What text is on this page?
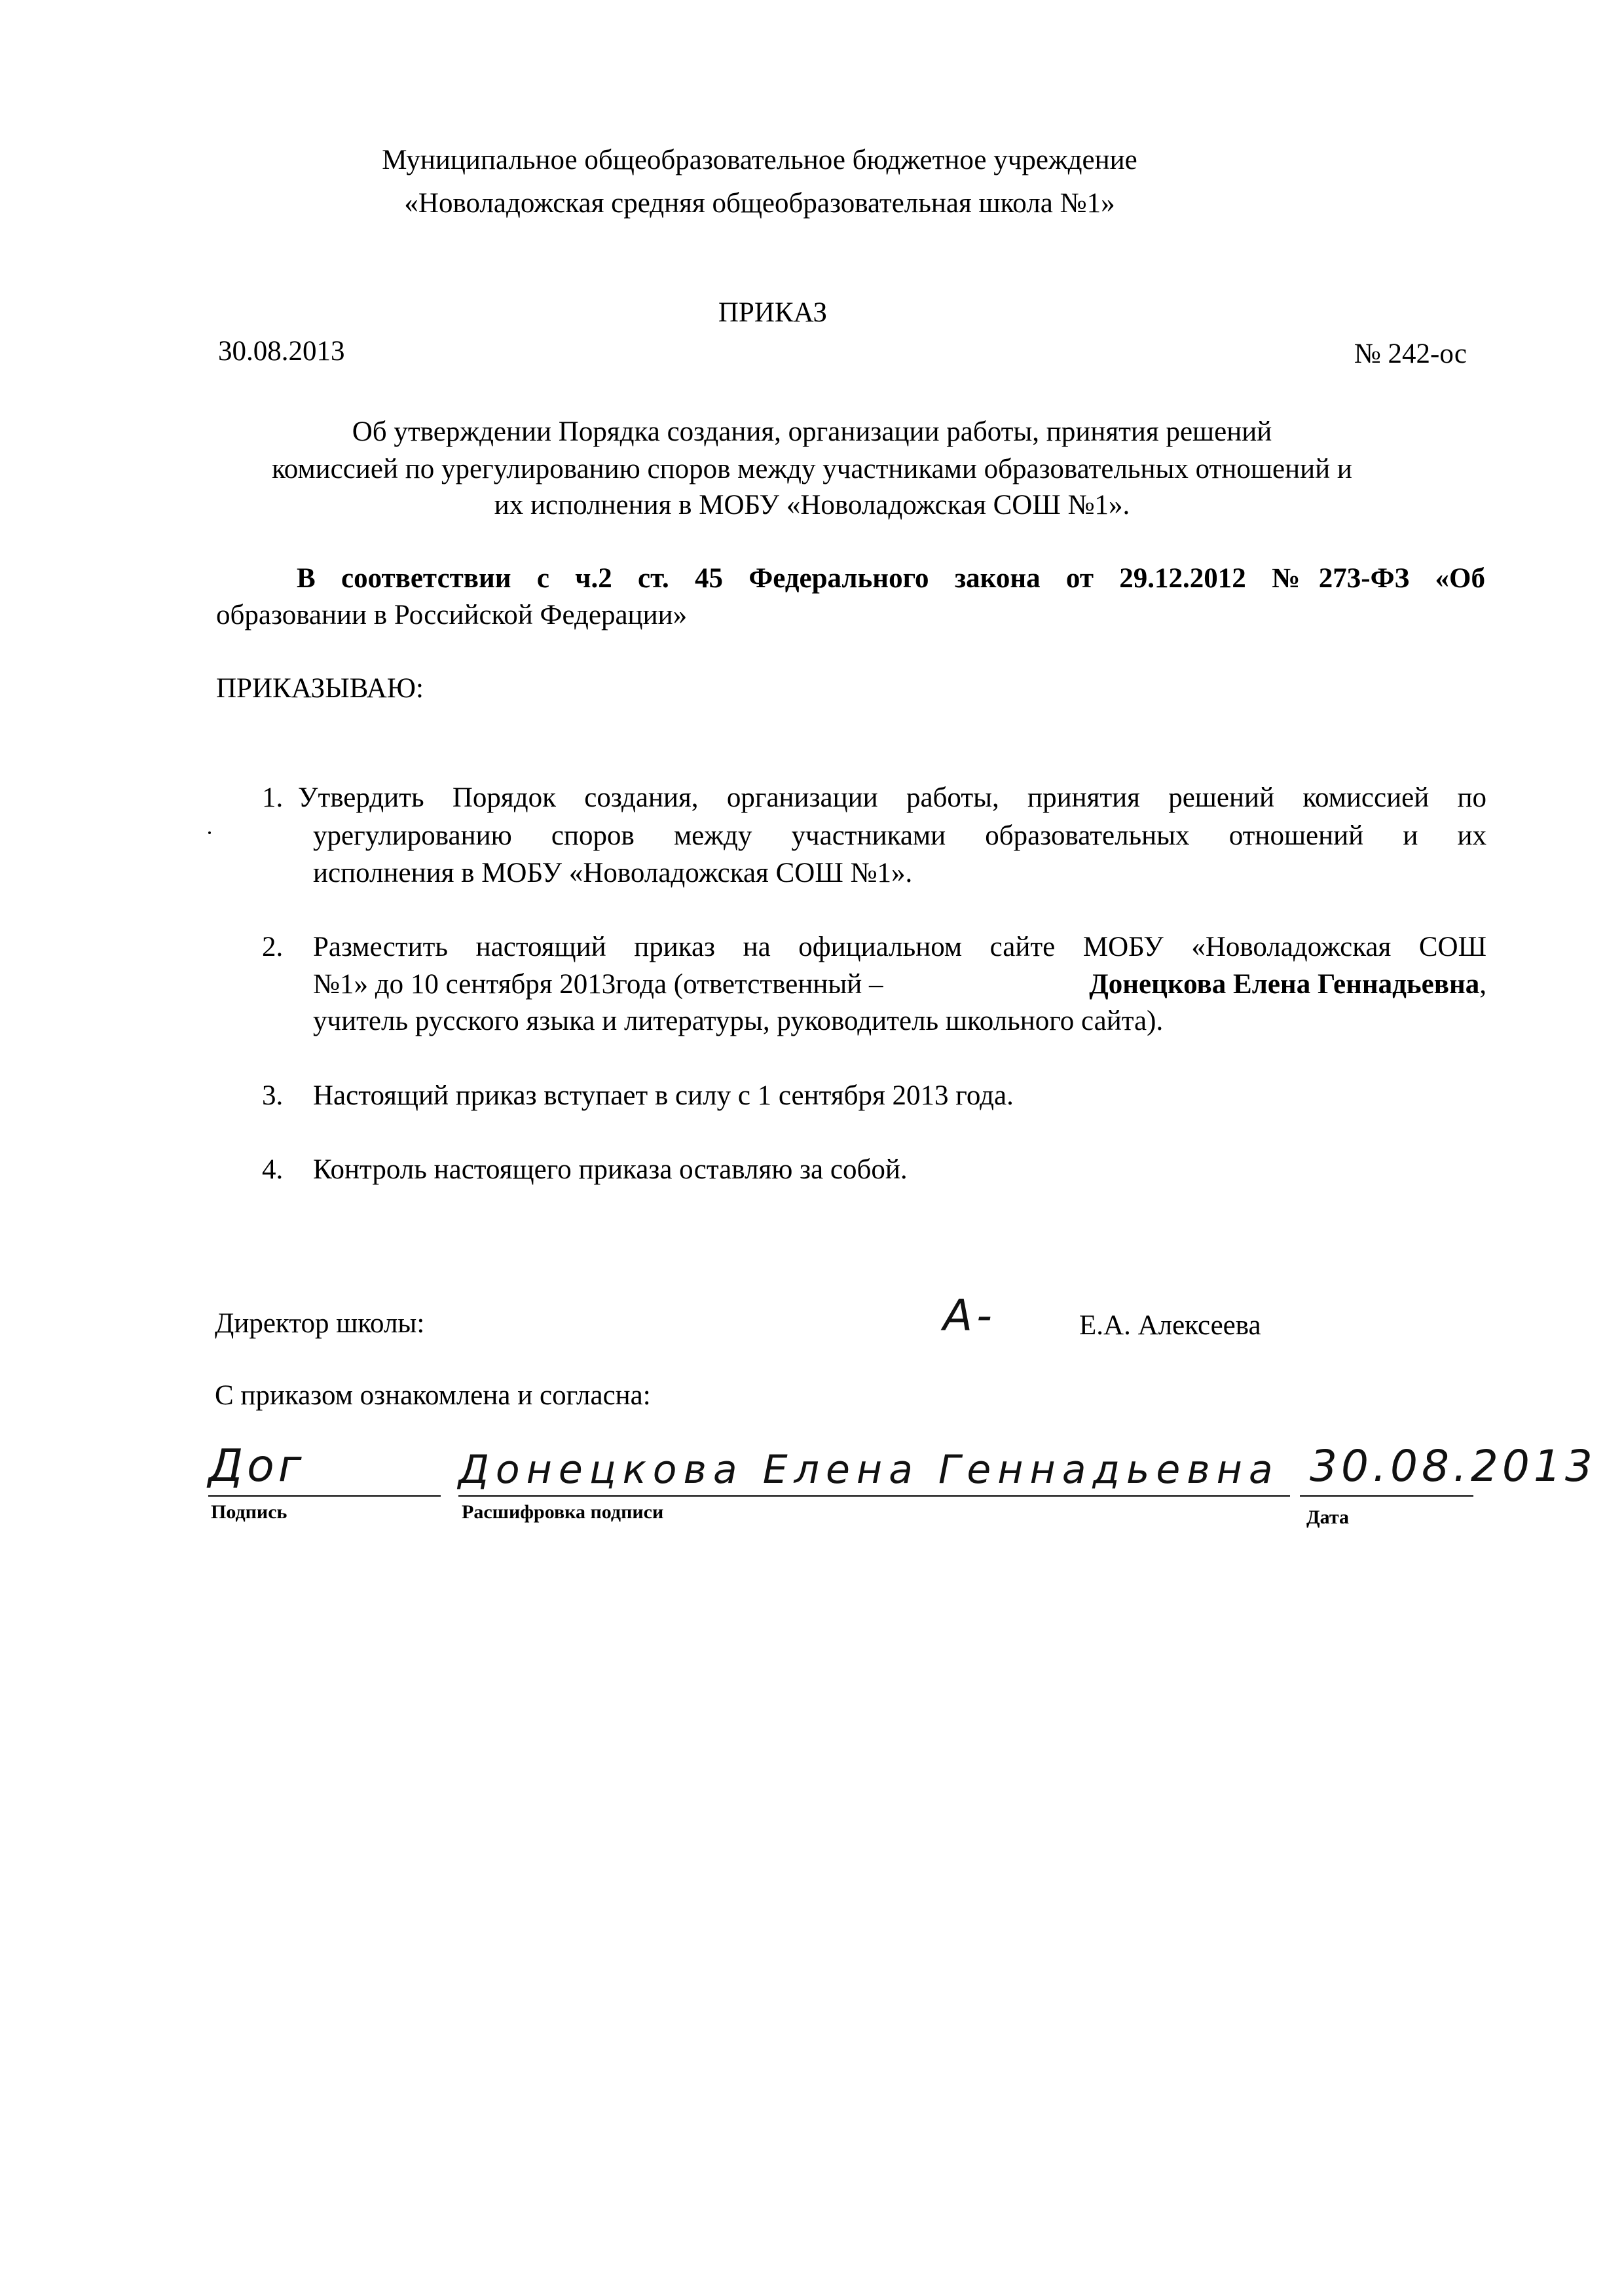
Муниципальное общеобразовательное бюджетное учреждение
«Новоладожская средняя общеобразовательная школа №1»
ПРИКАЗ
30.08.2013	№ 242-ос
Об утверждении Порядка создания, организации работы, принятия решений
комиссией по урегулированию споров между участниками образовательных отношений и
их исполнения в МОБУ «Новоладожская СОШ №1».
В соответствии с ч.2 ст. 45 Федерального закона от 29.12.2012 №273-ФЗ «Об
образовании в Российской Федерации»
ПРИКАЗЫВАЮ:
1. Утвердить Порядок создания, организации работы, принятия решений комиссией по
урегулированию споров между участниками образовательных отношений и их
исполнения в МОБУ «Новоладожская СОШ №1».
2. Разместить настоящий приказ на официальном сайте МОБУ «Новоладожская СОШ
№1» до 10 сентября 2013года (ответственный –	Донецкова Елена Геннадьевна,
учитель русского языка и литературы, руководитель школьного сайта).
3. Настоящий приказ вступает в силу с 1 сентября 2013 года.
4. Контроль настоящего приказа оставляю за собой.
Директор школы:	А-	Е.А. Алексеева
С приказом ознакомлена и согласна:
Дог	Донецкова Елена Геннадьевна 30.08.2013
Подпись	Расшифровка подписи	Дата
